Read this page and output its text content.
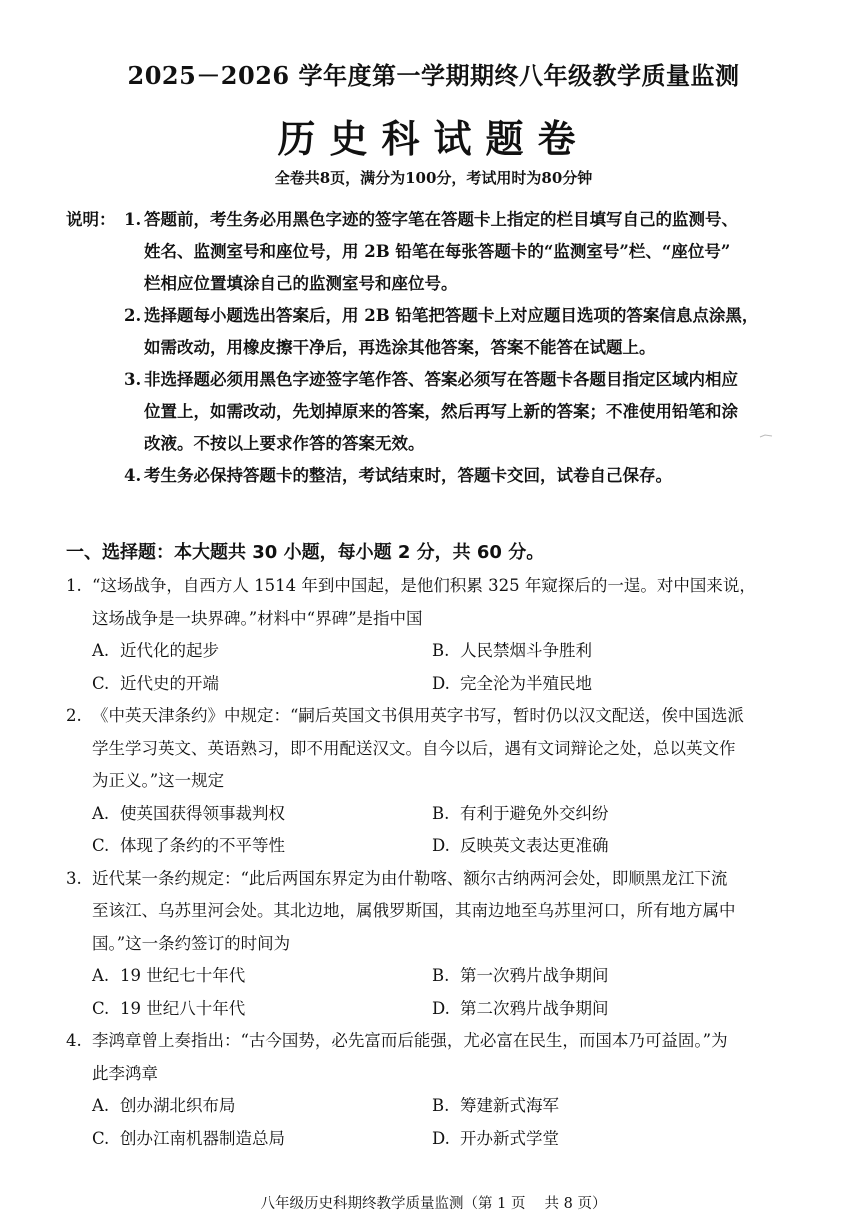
2025－2026 学年度第一学期期终八年级教学质量监测
历史科试题卷
全卷共8页，满分为100分，考试用时为80分钟
说明： 1. 答题前，考生务必用黑色字迹的签字笔在答题卡上指定的栏目填写自己的监测号、
姓名、监测室号和座位号，用 2B 铅笔在每张答题卡的“监测室号”栏、“座位号”
栏相应位置填涂自己的监测室号和座位号。
2. 选择题每小题选出答案后，用 2B 铅笔把答题卡上对应题目选项的答案信息点涂黑，
如需改动，用橡皮擦干净后，再选涂其他答案，答案不能答在试题上。
3. 非选择题必须用黑色字迹签字笔作答、答案必须写在答题卡各题目指定区域内相应
位置上，如需改动，先划掉原来的答案，然后再写上新的答案；不准使用铅笔和涂
改液。不按以上要求作答的答案无效。
4. 考生务必保持答题卡的整洁，考试结束时，答题卡交回，试卷自己保存。
一、选择题：本大题共 30 小题，每小题 2 分，共 60 分。
1. “这场战争，自西方人 1514 年到中国起，是他们积累 325 年窥探后的一逞。对中国来说，
这场战争是一块界碑。”材料中“界碑”是指中国
A. 近代化的起步	B. 人民禁烟斗争胜利
C. 近代史的开端	D. 完全沦为半殖民地
2. 《中英天津条约》中规定：“嗣后英国文书俱用英字书写，暂时仍以汉文配送，俟中国选派
学生学习英文、英语熟习，即不用配送汉文。自今以后，遇有文词辩论之处，总以英文作
为正义。”这一规定
A. 使英国获得领事裁判权	B. 有利于避免外交纠纷
C. 体现了条约的不平等性	D. 反映英文表达更准确
3. 近代某一条约规定：“此后两国东界定为由什勒喀、额尔古纳两河会处，即顺黑龙江下流
至该江、乌苏里河会处。其北边地，属俄罗斯国，其南边地至乌苏里河口，所有地方属中
国。”这一条约签订的时间为
A. 19 世纪七十年代	B. 第一次鸦片战争期间
C. 19 世纪八十年代	D. 第二次鸦片战争期间
4. 李鸿章曾上奏指出：“古今国势，必先富而后能强，尤必富在民生，而国本乃可益固。”为
此李鸿章
A. 创办湖北织布局	B. 筹建新式海军
C. 创办江南机器制造总局	D. 开办新式学堂
八年级历史科期终教学质量监测（第 1 页　 共 8 页）
